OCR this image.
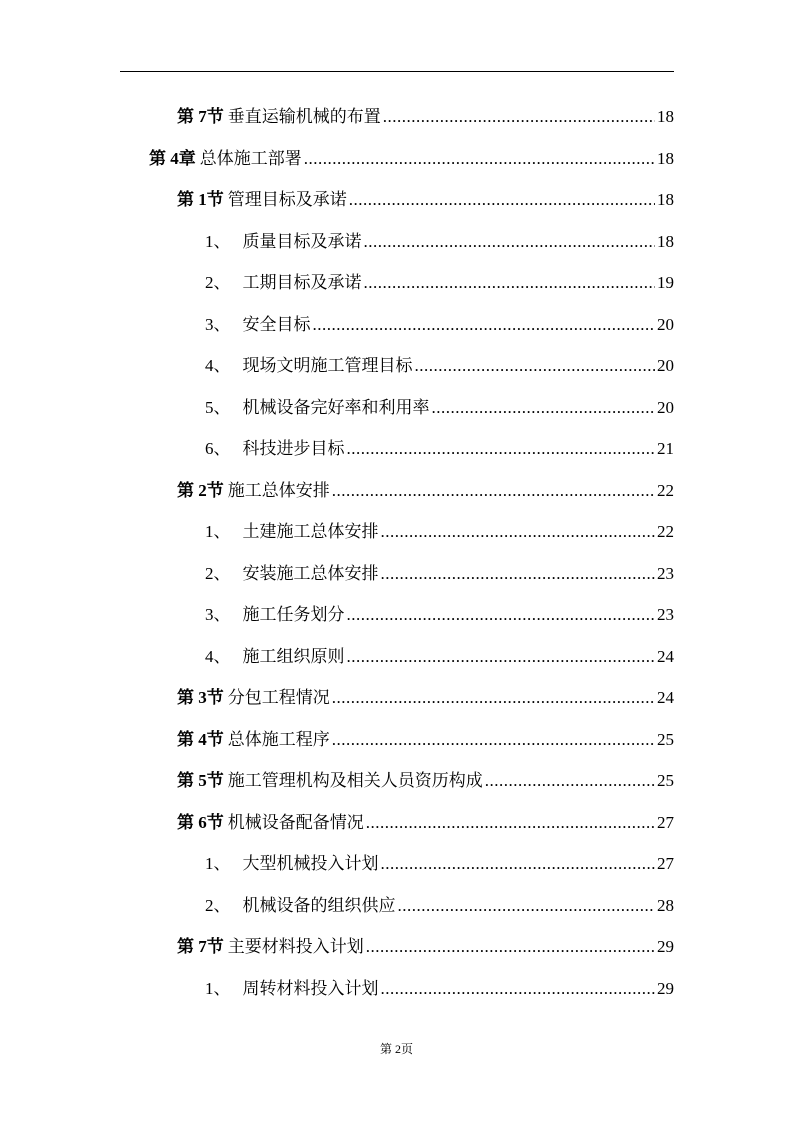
第 7节 垂直运输机械的布置 .....	18
第 4章 总体施工部署 .....	18
第 1节 管理目标及承诺 .....	18
1、 质量目标及承诺 .....	18
2、 工期目标及承诺 .....	19
3、 安全目标 .....	20
4、 现场文明施工管理目标 .....	20
5、 机械设备完好率和利用率 .....	20
6、 科技进步目标 .....	21
第 2节 施工总体安排 .....	22
1、 土建施工总体安排 .....	22
2、 安装施工总体安排 .....	23
3、 施工任务划分 .....	23
4、 施工组织原则 .....	24
第 3节 分包工程情况 .....	24
第 4节 总体施工程序 .....	25
第 5节 施工管理机构及相关人员资历构成 .....	25
第 6节 机械设备配备情况 .....	27
1、 大型机械投入计划 .....	27
2、 机械设备的组织供应 .....	28
第 7节 主要材料投入计划 .....	29
1、 周转材料投入计划 .....	29
第 2页
